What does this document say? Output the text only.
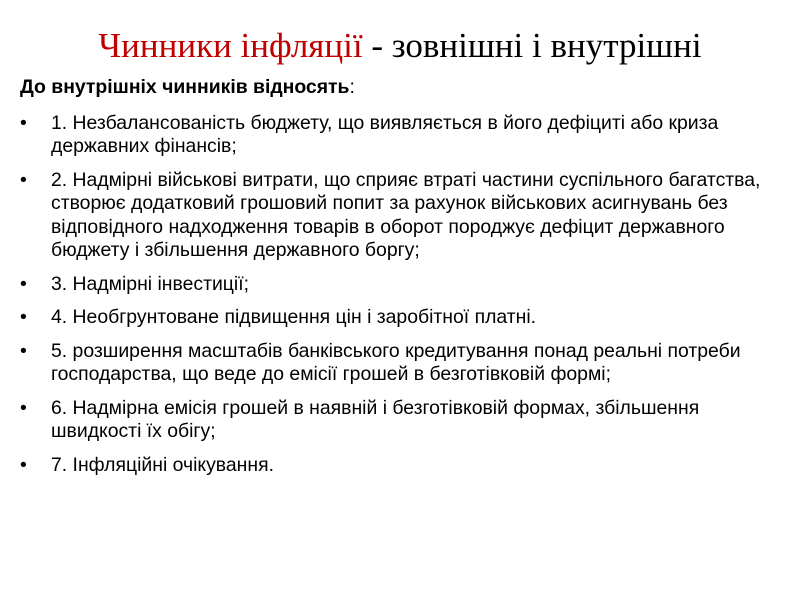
Чинники інфляції - зовнішні і внутрішні
До внутрішніх чинників відносять:
•	1. Незбалансованість бюджету, що виявляється в його дефіциті або криза державних фінансів;
•	2. Надмірні військові витрати, що сприяє втраті частини суспільного багатства, створює додатковий грошовий попит за рахунок військових асигнувань без відповідного надходження товарів в оборот породжує дефіцит державного бюджету і збільшення державного боргу;
•	3. Надмірні інвестиції;
•	4. Необгрунтоване підвищення цін і заробітної платні.
•	5. розширення масштабів банківського кредитування понад реальні потреби господарства, що веде до емісії грошей в безготівковій формі;
•	6. Надмірна емісія грошей в наявній і безготівковій формах, збільшення швидкості їх обігу;
•	7. Інфляційні очікування.
